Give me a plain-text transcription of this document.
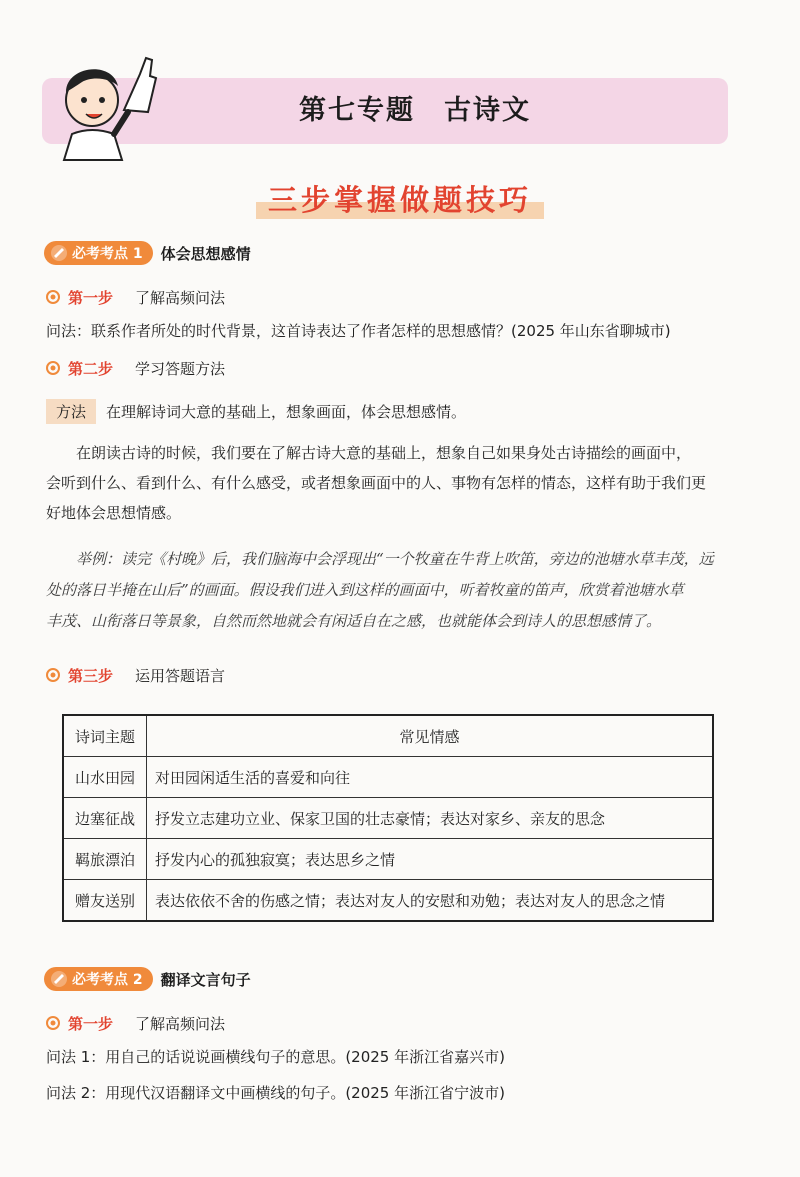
第七专题　古诗文
三步掌握做题技巧
必考考点 1 体会思想感情
第一步 了解高频问法
问法：联系作者所处的时代背景，这首诗表达了作者怎样的思想感情？(2025 年山东省聊城市)
第二步 学习答题方法
方法	在理解诗词大意的基础上，想象画面，体会思想感情。
在朗读古诗的时候，我们要在了解古诗大意的基础上，想象自己如果身处古诗描绘的画面中，
会听到什么、看到什么、有什么感受，或者想象画面中的人、事物有怎样的情态，这样有助于我们更
好地体会思想情感。
举例：读完《村晚》后，我们脑海中会浮现出“一个牧童在牛背上吹笛，旁边的池塘水草丰茂，远
处的落日半掩在山后”的画面。假设我们进入到这样的画面中，听着牧童的笛声，欣赏着池塘水草
丰茂、山衔落日等景象，自然而然地就会有闲适自在之感，也就能体会到诗人的思想感情了。
第三步 运用答题语言
诗词主题	常见情感
山水田园	对田园闲适生活的喜爱和向往
边塞征战	抒发立志建功立业、保家卫国的壮志豪情；表达对家乡、亲友的思念
羁旅漂泊	抒发内心的孤独寂寞；表达思乡之情
赠友送别	表达依依不舍的伤感之情；表达对友人的安慰和劝勉；表达对友人的思念之情
必考考点 2 翻译文言句子
第一步 了解高频问法
问法 1：用自己的话说说画横线句子的意思。(2025 年浙江省嘉兴市)
问法 2：用现代汉语翻译文中画横线的句子。(2025 年浙江省宁波市)
